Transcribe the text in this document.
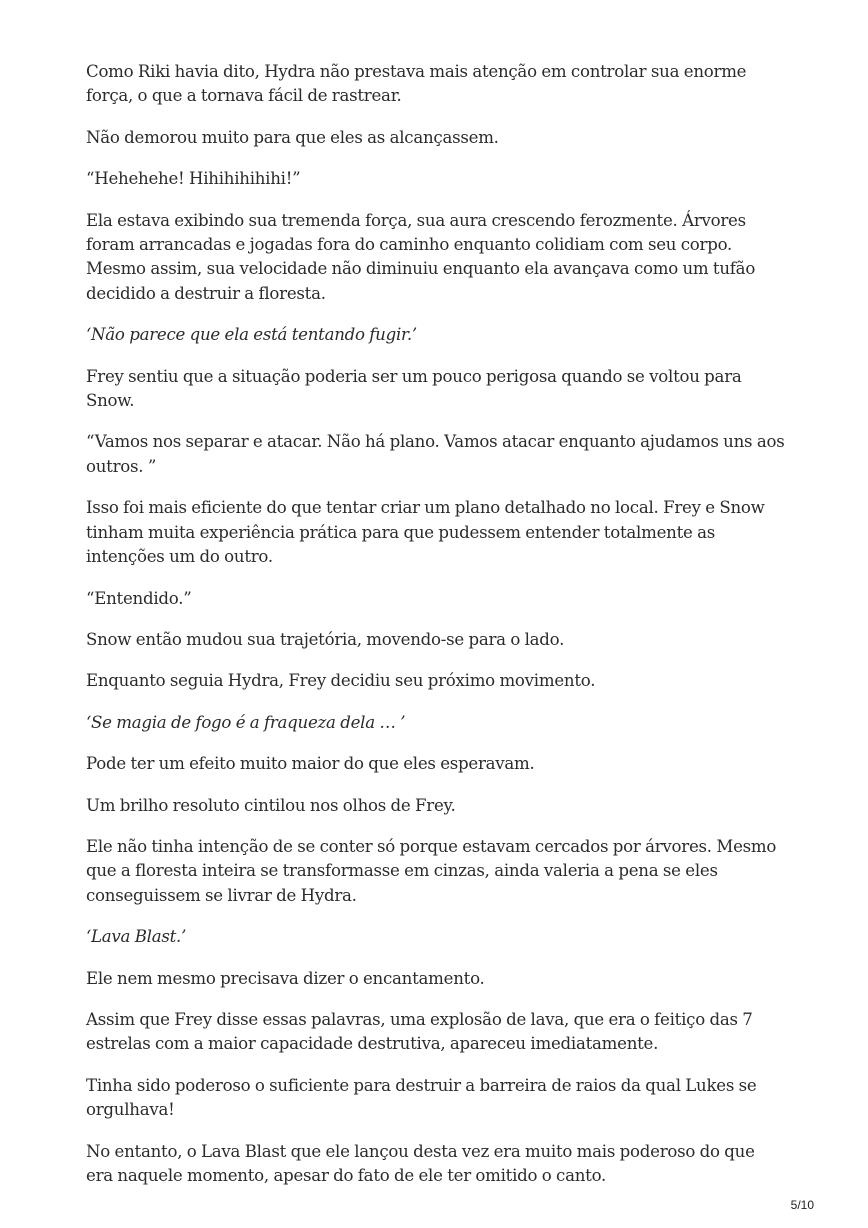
Como Riki havia dito, Hydra não prestava mais atenção em controlar sua enorme força, o que a tornava fácil de rastrear.

Não demorou muito para que eles as alcançassem.

“Hehehehe! Hihihihihihi!”

Ela estava exibindo sua tremenda força, sua aura crescendo ferozmente. Árvores foram arrancadas e jogadas fora do caminho enquanto colidiam com seu corpo. Mesmo assim, sua velocidade não diminuiu enquanto ela avançava como um tufão decidido a destruir a floresta.

‘Não parece que ela está tentando fugir.’

Frey sentiu que a situação poderia ser um pouco perigosa quando se voltou para Snow.

“Vamos nos separar e atacar. Não há plano. Vamos atacar enquanto ajudamos uns aos outros. ”

Isso foi mais eficiente do que tentar criar um plano detalhado no local. Frey e Snow tinham muita experiência prática para que pudessem entender totalmente as intenções um do outro.

“Entendido.”

Snow então mudou sua trajetória, movendo-se para o lado.

Enquanto seguia Hydra, Frey decidiu seu próximo movimento.

‘Se magia de fogo é a fraqueza dela … ’

Pode ter um efeito muito maior do que eles esperavam.

Um brilho resoluto cintilou nos olhos de Frey.

Ele não tinha intenção de se conter só porque estavam cercados por árvores. Mesmo que a floresta inteira se transformasse em cinzas, ainda valeria a pena se eles conseguissem se livrar de Hydra.

‘Lava Blast.’

Ele nem mesmo precisava dizer o encantamento.

Assim que Frey disse essas palavras, uma explosão de lava, que era o feitiço das 7 estrelas com a maior capacidade destrutiva, apareceu imediatamente.

Tinha sido poderoso o suficiente para destruir a barreira de raios da qual Lukes se orgulhava!

No entanto, o Lava Blast que ele lançou desta vez era muito mais poderoso do que era naquele momento, apesar do fato de ele ter omitido o canto.

5/10
